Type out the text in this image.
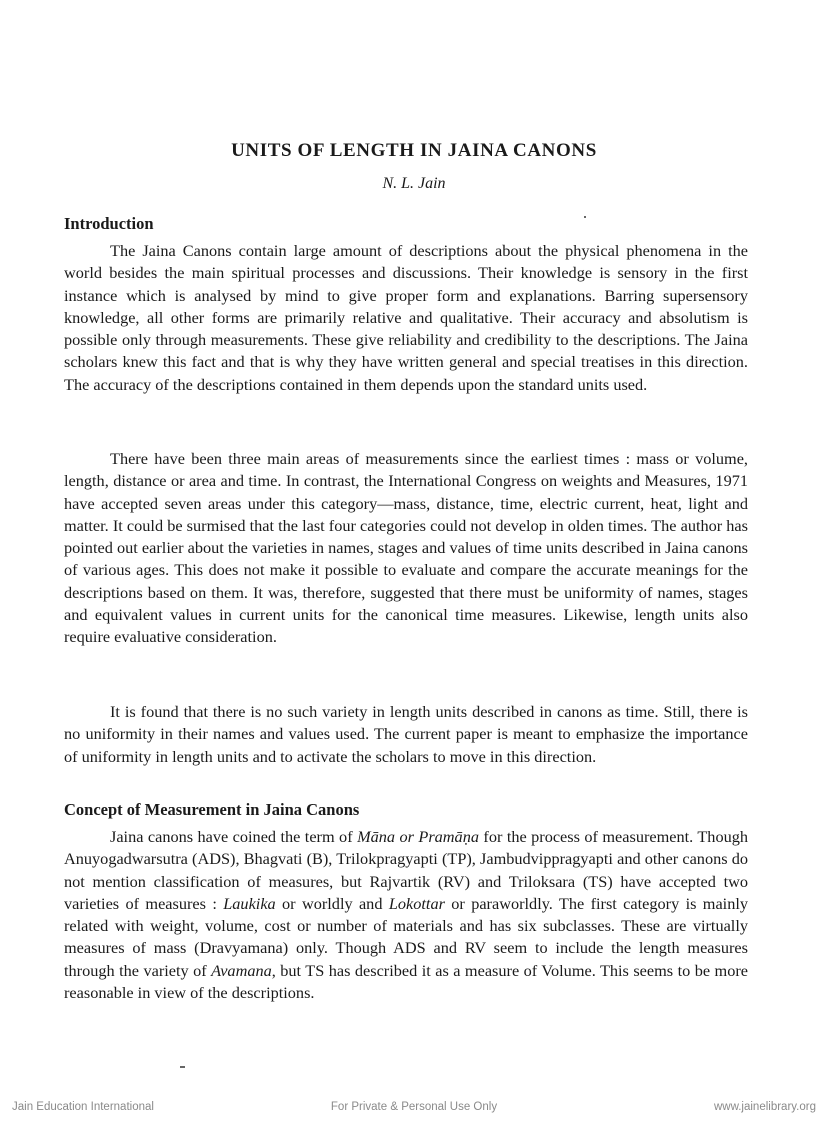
UNITS OF LENGTH IN JAINA CANONS
N. L. Jain
Introduction

The Jaina Canons contain large amount of descriptions about the physical phenomena in the world besides the main spiritual processes and discussions. Their knowledge is sensory in the first instance which is analysed by mind to give proper form and explanations. Barring supersensory knowledge, all other forms are primarily relative and qualitative. Their accuracy and absolutism is possible only through measurements. These give reliability and credibility to the descriptions. The Jaina scholars knew this fact and that is why they have written general and special treatises in this direction. The accuracy of the descriptions contained in them depends upon the standard units used.

There have been three main areas of measurements since the earliest times : mass or volume, length, distance or area and time. In contrast, the International Congress on weights and Measures, 1971 have accepted seven areas under this category—mass, distance, time, electric current, heat, light and matter. It could be surmised that the last four categories could not develop in olden times. The author has pointed out earlier about the varieties in names, stages and values of time units described in Jaina canons of various ages. This does not make it possible to evaluate and compare the accurate meanings for the descriptions based on them. It was, therefore, suggested that there must be uniformity of names, stages and equivalent values in current units for the canonical time measures. Likewise, length units also require evaluative consideration.

It is found that there is no such variety in length units described in canons as time. Still, there is no uniformity in their names and values used. The current paper is meant to emphasize the importance of uniformity in length units and to activate the scholars to move in this direction.

Concept of Measurement in Jaina Canons

Jaina canons have coined the term of Māna or Pramāṇa for the process of measurement. Though Anuyogadwarsutra (ADS), Bhagvati (B), Trilokpragyapti (TP), Jambudvippragyapti and other canons do not mention classification of measures, but Rajvartik (RV) and Triloksara (TS) have accepted two varieties of measures : Laukika or worldly and Lokottar or paraworldly. The first category is mainly related with weight, volume, cost or number of materials and has six subclasses. These are virtually measures of mass (Dravyamana) only. Though ADS and RV seem to include the length measures through the variety of Avamana, but TS has described it as a measure of Volume. This seems to be more reasonable in view of the descriptions.

Jain Education International	For Private & Personal Use Only	www.jainelibrary.org
